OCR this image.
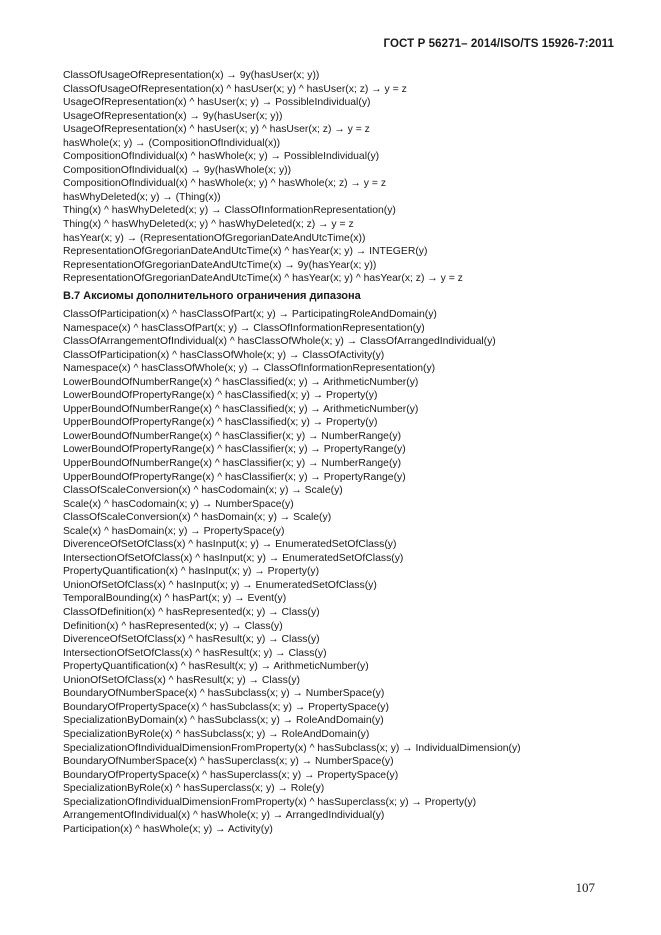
ГОСТ Р 56271– 2014/ISO/TS 15926-7:2011
ClassOfUsageOfRepresentation(x) → 9y(hasUser(x; y))
ClassOfUsageOfRepresentation(x) ^ hasUser(x; y) ^ hasUser(x; z) → y = z
UsageOfRepresentation(x) ^ hasUser(x; y) → PossibleIndividual(y)
UsageOfRepresentation(x) → 9y(hasUser(x; y))
UsageOfRepresentation(x) ^ hasUser(x; y) ^ hasUser(x; z) → y = z
hasWhole(x; y) → (CompositionOfIndividual(x))
CompositionOfIndividual(x) ^ hasWhole(x; y) → PossibleIndividual(y)
CompositionOfIndividual(x) → 9y(hasWhole(x; y))
CompositionOfIndividual(x) ^ hasWhole(x; y) ^ hasWhole(x; z) → y = z
hasWhyDeleted(x; y) → (Thing(x))
Thing(x) ^ hasWhyDeleted(x; y) → ClassOfInformationRepresentation(y)
Thing(x) ^ hasWhyDeleted(x; y) ^ hasWhyDeleted(x; z) → y = z
hasYear(x; y) → (RepresentationOfGregorianDateAndUtcTime(x))
RepresentationOfGregorianDateAndUtcTime(x) ^ hasYear(x; y) → INTEGER(y)
RepresentationOfGregorianDateAndUtcTime(x) → 9y(hasYear(x; y))
RepresentationOfGregorianDateAndUtcTime(x) ^ hasYear(x; y) ^ hasYear(x; z) → y = z
B.7 Аксиомы дополнительного ограничения дипазона
ClassOfParticipation(x) ^ hasClassOfPart(x; y) → ParticipatingRoleAndDomain(y)
Namespace(x) ^ hasClassOfPart(x; y) → ClassOfInformationRepresentation(y)
ClassOfArrangementOfIndividual(x) ^ hasClassOfWhole(x; y) → ClassOfArrangedIndividual(y)
ClassOfParticipation(x) ^ hasClassOfWhole(x; y) → ClassOfActivity(y)
Namespace(x) ^ hasClassOfWhole(x; y) → ClassOfInformationRepresentation(y)
LowerBoundOfNumberRange(x) ^ hasClassified(x; y) → ArithmeticNumber(y)
LowerBoundOfPropertyRange(x) ^ hasClassified(x; y) → Property(y)
UpperBoundOfNumberRange(x) ^ hasClassified(x; y) → ArithmeticNumber(y)
UpperBoundOfPropertyRange(x) ^ hasClassified(x; y) → Property(y)
LowerBoundOfNumberRange(x) ^ hasClassifier(x; y) → NumberRange(y)
LowerBoundOfPropertyRange(x) ^ hasClassifier(x; y) → PropertyRange(y)
UpperBoundOfNumberRange(x) ^ hasClassifier(x; y) → NumberRange(y)
UpperBoundOfPropertyRange(x) ^ hasClassifier(x; y) → PropertyRange(y)
ClassOfScaleConversion(x) ^ hasCodomain(x; y) → Scale(y)
Scale(x) ^ hasCodomain(x; y) → NumberSpace(y)
ClassOfScaleConversion(x) ^ hasDomain(x; y) → Scale(y)
Scale(x) ^ hasDomain(x; y) → PropertySpace(y)
DiverenceOfSetOfClass(x) ^ hasInput(x; y) → EnumeratedSetOfClass(y)
IntersectionOfSetOfClass(x) ^ hasInput(x; y) → EnumeratedSetOfClass(y)
PropertyQuantification(x) ^ hasInput(x; y) → Property(y)
UnionOfSetOfClass(x) ^ hasInput(x; y) → EnumeratedSetOfClass(y)
TemporalBounding(x) ^ hasPart(x; y) → Event(y)
ClassOfDefinition(x) ^ hasRepresented(x; y) → Class(y)
Definition(x) ^ hasRepresented(x; y) → Class(y)
DiverenceOfSetOfClass(x) ^ hasResult(x; y) → Class(y)
IntersectionOfSetOfClass(x) ^ hasResult(x; y) → Class(y)
PropertyQuantification(x) ^ hasResult(x; y) → ArithmeticNumber(y)
UnionOfSetOfClass(x) ^ hasResult(x; y) → Class(y)
BoundaryOfNumberSpace(x) ^ hasSubclass(x; y) → NumberSpace(y)
BoundaryOfPropertySpace(x) ^ hasSubclass(x; y) → PropertySpace(y)
SpecializationByDomain(x) ^ hasSubclass(x; y) → RoleAndDomain(y)
SpecializationByRole(x) ^ hasSubclass(x; y) → RoleAndDomain(y)
SpecializationOfIndividualDimensionFromProperty(x) ^ hasSubclass(x; y) → IndividualDimension(y)
BoundaryOfNumberSpace(x) ^ hasSuperclass(x; y) → NumberSpace(y)
BoundaryOfPropertySpace(x) ^ hasSuperclass(x; y) → PropertySpace(y)
SpecializationByRole(x) ^ hasSuperclass(x; y) → Role(y)
SpecializationOfIndividualDimensionFromProperty(x) ^ hasSuperclass(x; y) → Property(y)
ArrangementOfIndividual(x) ^ hasWhole(x; y) → ArrangedIndividual(y)
Participation(x) ^ hasWhole(x; y) → Activity(y)
107
